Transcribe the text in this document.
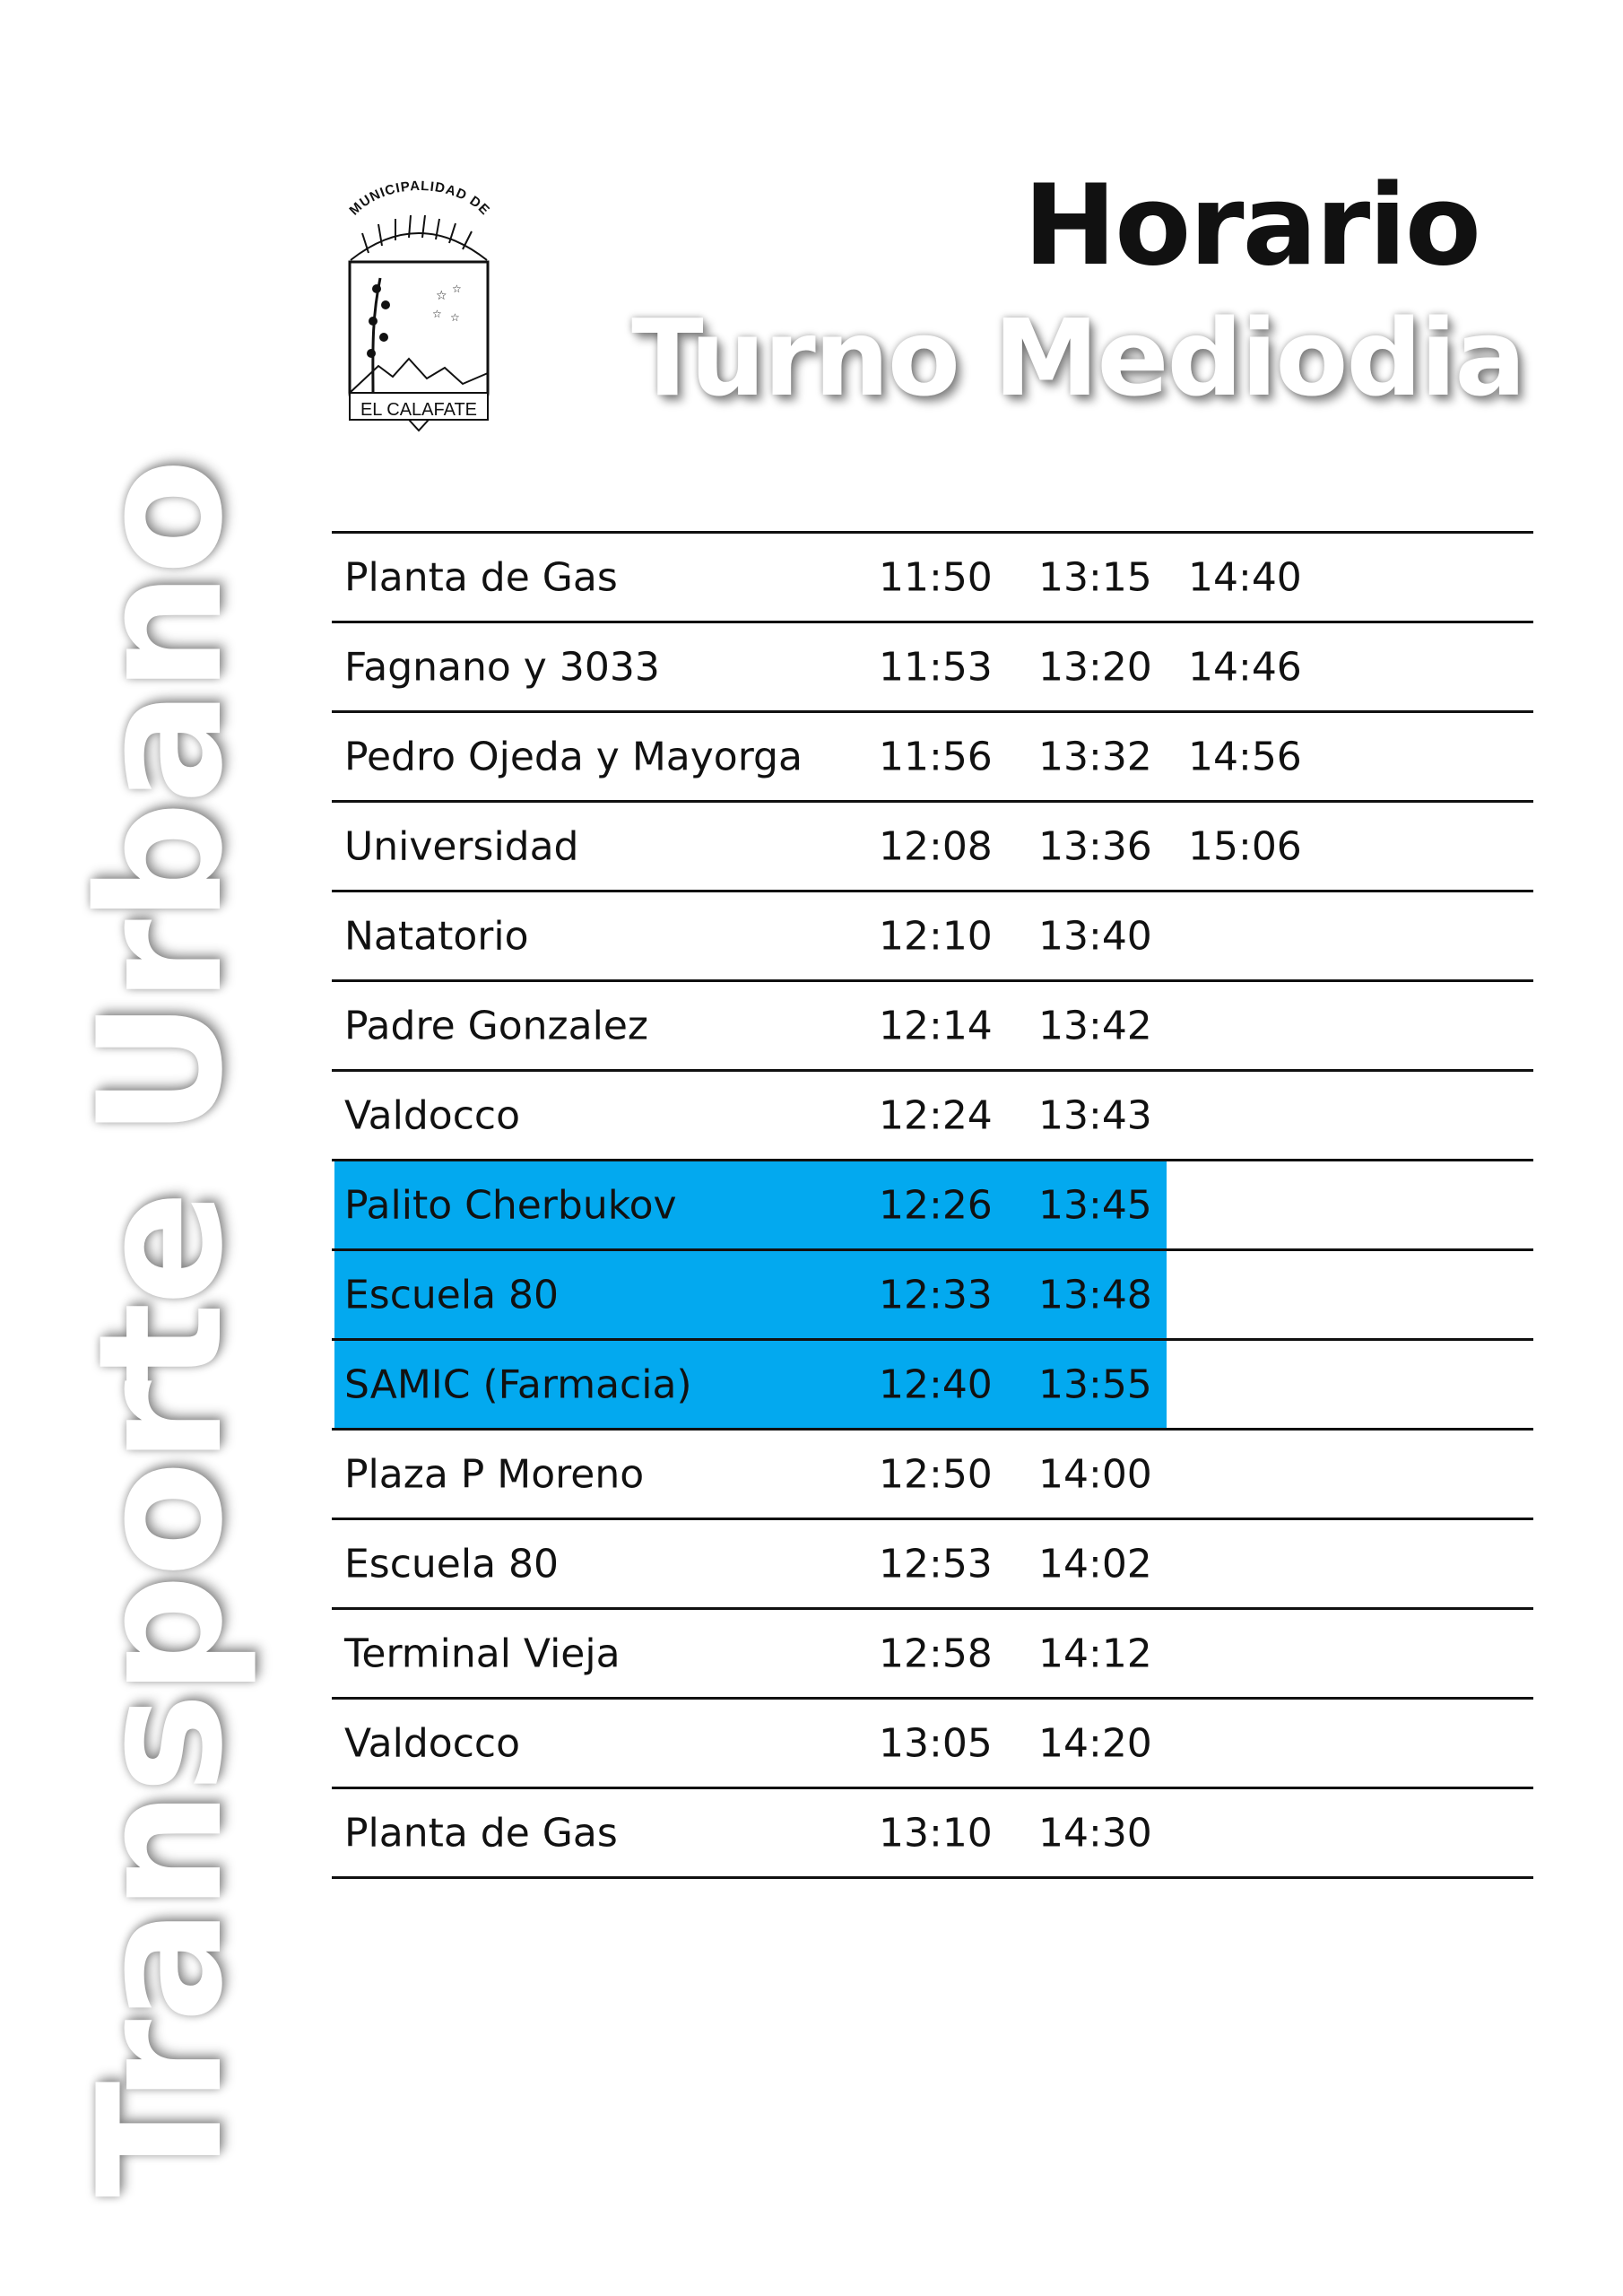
Transporte Urbano
MUNICIPALIDAD DE
☆ ☆
☆ ☆
EL CALAFATE
Horario
Turno Mediodia
Planta de Gas	11:50 13:15 14:40
Fagnano y 3033	11:53 13:20 14:46
Pedro Ojeda y Mayorga 11:56 13:32 14:56
Universidad	12:08 13:36 15:06
Natatorio	12:10 13:40
Padre Gonzalez	12:14 13:42
Valdocco	12:24 13:43
Palito Cherbukov	12:26 13:45
Escuela 80	12:33 13:48
SAMIC (Farmacia)	12:40 13:55
Plaza P Moreno	12:50 14:00
Escuela 80	12:53 14:02
Terminal Vieja	12:58 14:12
Valdocco	13:05 14:20
Planta de Gas	13:10 14:30
